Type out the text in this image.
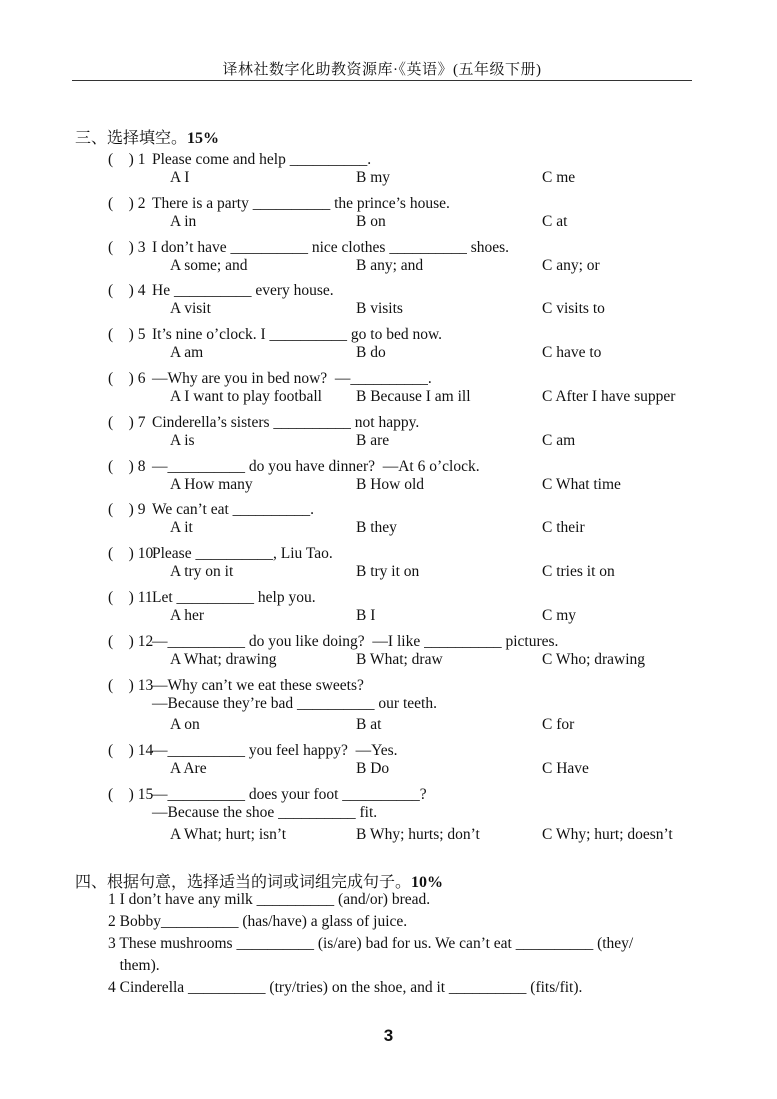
译林社数字化助教资源库·《英语》(五年级下册)
三、选择填空。15%
(　) 1 Please come and help __________.
A I	B my	C me
(　) 2 There is a party __________ the prince’s house.
A in	B on	C at
(　) 3 I don’t have __________ nice clothes __________ shoes.
A some; and	B any; and	C any; or
(　) 4 He __________ every house.
A visit	B visits	C visits to
(　) 5 It’s nine o’clock. I __________ go to bed now.
A am	B do	C have to
(　) 6 —Why are you in bed now?  —__________.
A I want to play football B Because I am ill	C After I have supper
(　) 7 Cinderella’s sisters __________ not happy.
A is	B are	C am
(　) 8 —__________ do you have dinner?  —At 6 o’clock.
A How many	B How old	C What time
(　) 9 We can’t eat __________.
A it	B they	C their
(　) 10Please __________, Liu Tao.
A try on it	B try it on	C tries it on
(　) 11Let __________ help you.
A her	B I	C my
(　) 12—__________ do you like doing?  —I like __________ pictures.
A What; drawing	B What; draw	C Who; drawing
(　) 13—Why can’t we eat these sweets?
—Because they’re bad __________ our teeth.
A on	B at	C for
(　) 14—__________ you feel happy?  —Yes.
A Are	B Do	C Have
(　) 15—__________ does your foot __________?
—Because the shoe __________ fit.
A What; hurt; isn’t	B Why; hurts; don’t	C Why; hurt; doesn’t
四、根据句意，选择适当的词或词组完成句子。10%
1 I don’t have any milk __________ (and/or) bread.
2 Bobby__________ (has/have) a glass of juice.
3 These mushrooms __________ (is/are) bad for us. We can’t eat __________ (they/
them).
4 Cinderella __________ (try/tries) on the shoe, and it __________ (fits/fit).
3
